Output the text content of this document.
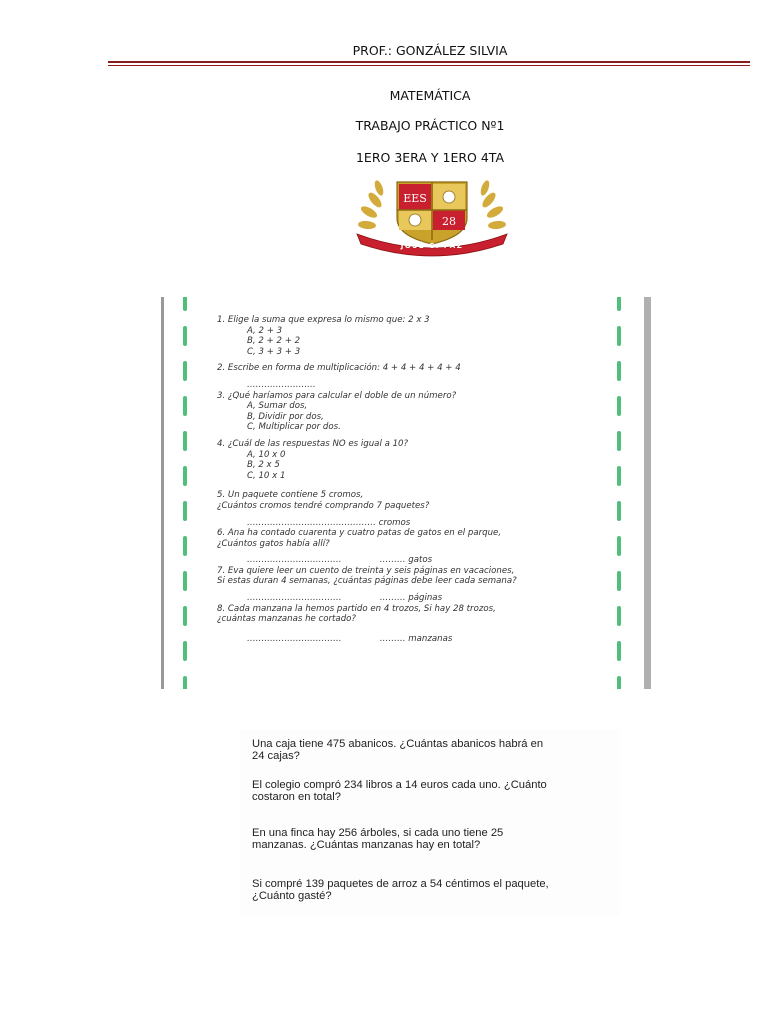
PROF.: GONZÁLEZ SILVIA
MATEMÁTICA
TRABAJO PRÁCTICO Nº1
1ERO 3ERA Y 1ERO 4TA
EES
28
JOSÉ C. PAZ

1. Elige la suma que expresa lo mismo que: 2 x 3

A, 2 + 3

B, 2 + 2 + 2

C, 3 + 3 + 3

2. Escribe en forma de multiplicación: 4 + 4 + 4 + 4 + 4

……………………

3. ¿Qué haríamos para calcular el doble de un número?

A, Sumar dos,

B, Dividir por dos,

C, Multiplicar por dos.

4. ¿Cuál de las respuestas NO es igual a 10?

A, 10 x 0

B, 2 x 5

C, 10 x 1

5. Un paquete contiene 5 cromos,

¿Cuántos cromos tendré comprando 7 paquetes?

……………………………………… cromos

6. Ana ha contado cuarenta y cuatro patas de gatos en el parque,

¿Cuántos gatos había allí?

……………………………              ……… gatos

7. Eva quiere leer un cuento de treinta y seis páginas en vacaciones,

Si estas duran 4 semanas, ¿cuántas páginas debe leer cada semana?

……………………………              ……… páginas

8. Cada manzana la hemos partido en 4 trozos, Si hay 28 trozos,

¿cuántas manzanas he cortado?

……………………………              ……… manzanas

Una caja tiene 475 abanicos. ¿Cuántas abanicos habrá en

24 cajas?

El colegio compró 234 libros a 14 euros cada uno. ¿Cuánto

costaron en total?

En una finca hay 256 árboles, si cada uno tiene 25

manzanas. ¿Cuántas manzanas hay en total?

Si compré 139 paquetes de arroz a 54 céntimos el paquete,

¿Cuánto gasté?
